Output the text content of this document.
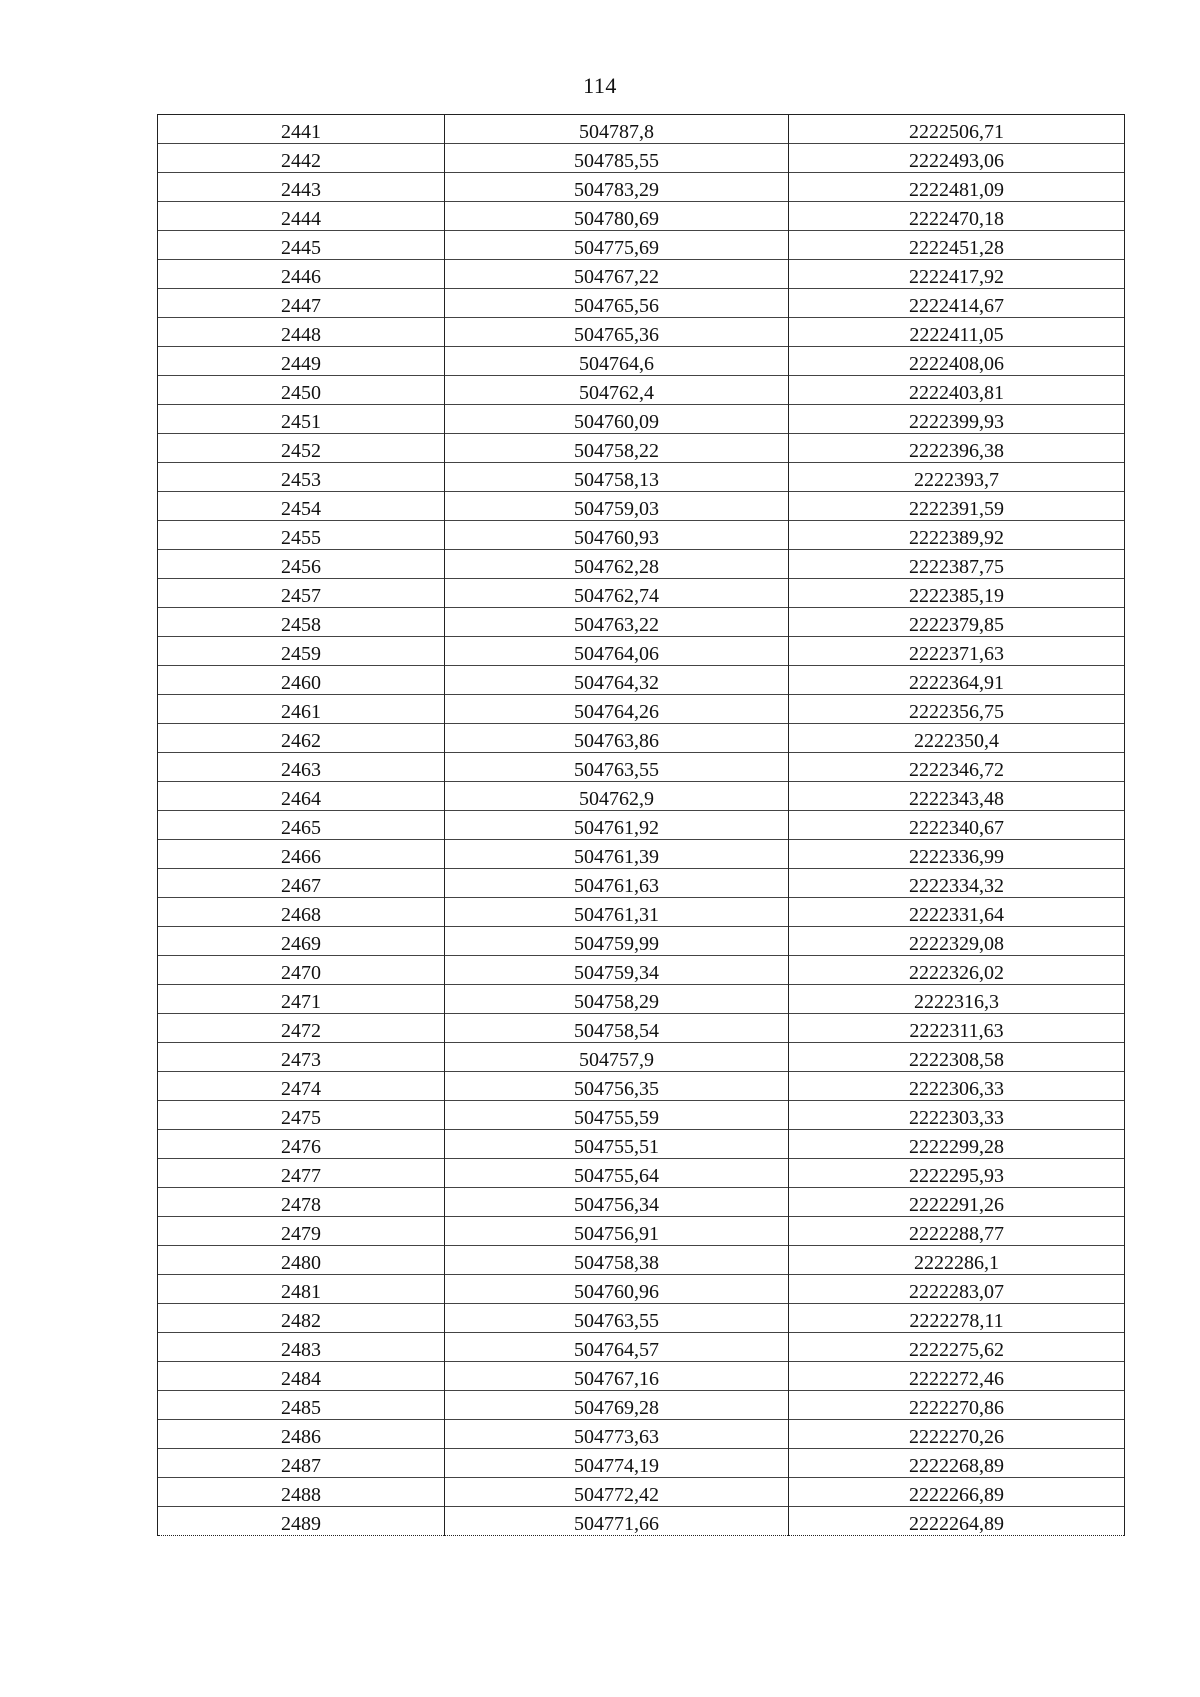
114
2441	504787,8	2222506,71
2442	504785,55	2222493,06
2443	504783,29	2222481,09
2444	504780,69	2222470,18
2445	504775,69	2222451,28
2446	504767,22	2222417,92
2447	504765,56	2222414,67
2448	504765,36	2222411,05
2449	504764,6	2222408,06
2450	504762,4	2222403,81
2451	504760,09	2222399,93
2452	504758,22	2222396,38
2453	504758,13	2222393,7
2454	504759,03	2222391,59
2455	504760,93	2222389,92
2456	504762,28	2222387,75
2457	504762,74	2222385,19
2458	504763,22	2222379,85
2459	504764,06	2222371,63
2460	504764,32	2222364,91
2461	504764,26	2222356,75
2462	504763,86	2222350,4
2463	504763,55	2222346,72
2464	504762,9	2222343,48
2465	504761,92	2222340,67
2466	504761,39	2222336,99
2467	504761,63	2222334,32
2468	504761,31	2222331,64
2469	504759,99	2222329,08
2470	504759,34	2222326,02
2471	504758,29	2222316,3
2472	504758,54	2222311,63
2473	504757,9	2222308,58
2474	504756,35	2222306,33
2475	504755,59	2222303,33
2476	504755,51	2222299,28
2477	504755,64	2222295,93
2478	504756,34	2222291,26
2479	504756,91	2222288,77
2480	504758,38	2222286,1
2481	504760,96	2222283,07
2482	504763,55	2222278,11
2483	504764,57	2222275,62
2484	504767,16	2222272,46
2485	504769,28	2222270,86
2486	504773,63	2222270,26
2487	504774,19	2222268,89
2488	504772,42	2222266,89
2489	504771,66	2222264,89
